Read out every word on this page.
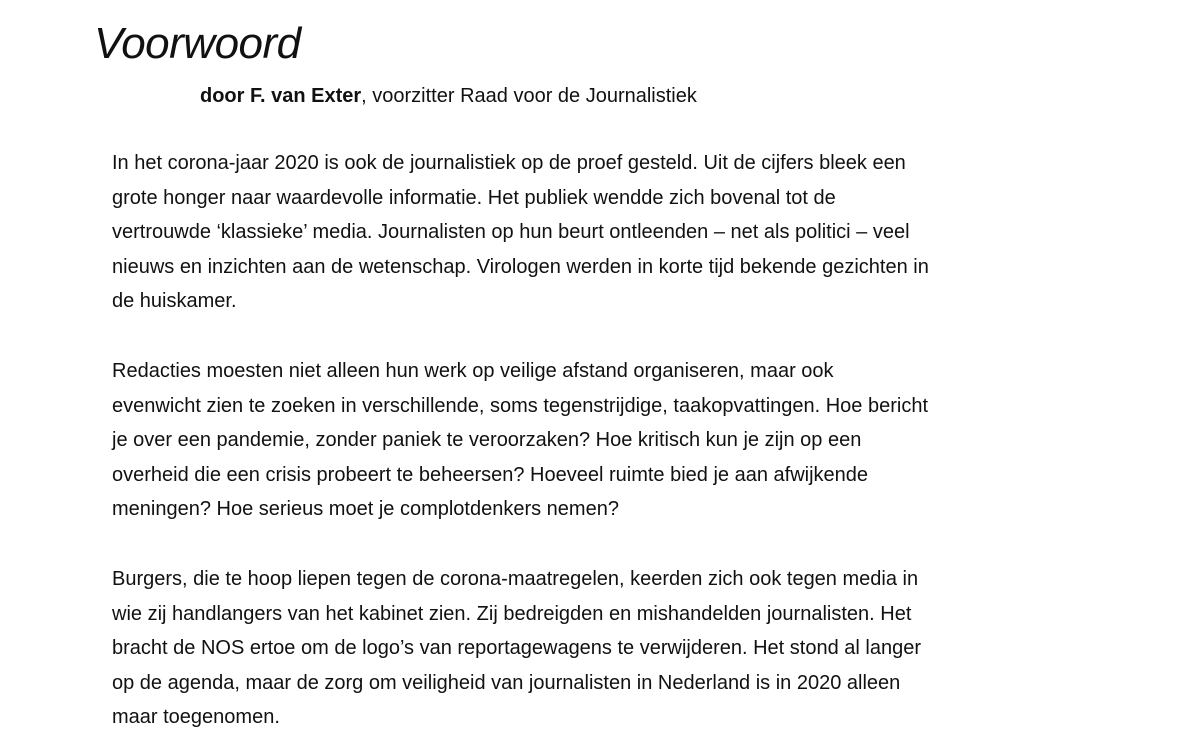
Voorwoord

door F. van Exter, voorzitter Raad voor de Journalistiek

In het corona-jaar 2020 is ook de journalistiek op de proef gesteld. Uit de cijfers bleek een
grote honger naar waardevolle informatie. Het publiek wendde zich bovenal tot de
vertrouwde ‘klassieke’ media. Journalisten op hun beurt ontleenden – net als politici – veel
nieuws en inzichten aan de wetenschap. Virologen werden in korte tijd bekende gezichten in
de huiskamer.

Redacties moesten niet alleen hun werk op veilige afstand organiseren, maar ook
evenwicht zien te zoeken in verschillende, soms tegenstrijdige, taakopvattingen. Hoe bericht
je over een pandemie, zonder paniek te veroorzaken? Hoe kritisch kun je zijn op een
overheid die een crisis probeert te beheersen? Hoeveel ruimte bied je aan afwijkende
meningen? Hoe serieus moet je complotdenkers nemen?

Burgers, die te hoop liepen tegen de corona-maatregelen, keerden zich ook tegen media in
wie zij handlangers van het kabinet zien. Zij bedreigden en mishandelden journalisten. Het
bracht de NOS ertoe om de logo’s van reportagewagens te verwijderen. Het stond al langer
op de agenda, maar de zorg om veiligheid van journalisten in Nederland is in 2020 alleen
maar toegenomen.
